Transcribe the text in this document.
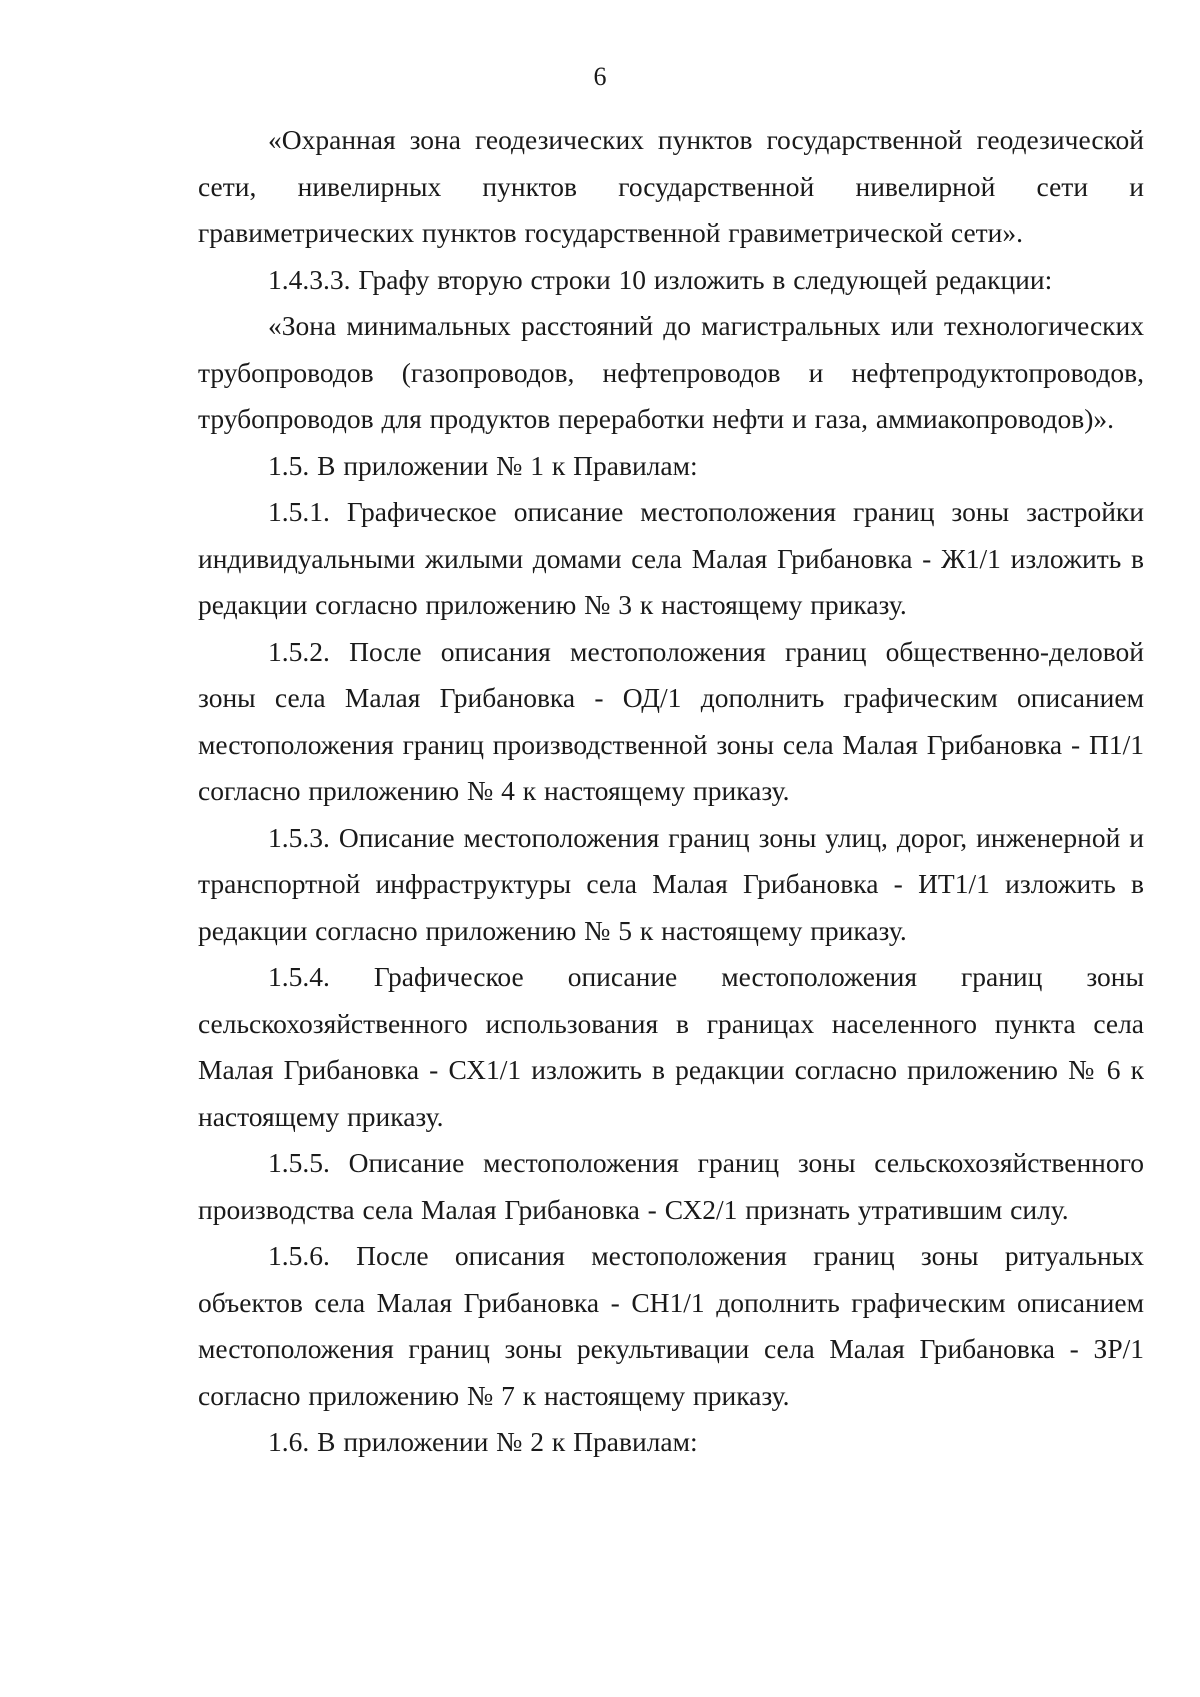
6

«Охранная зона геодезических пунктов государственной геодезической сети, нивелирных пунктов государственной нивелирной сети и гравиметрических пунктов государственной гравиметрической сети».

1.4.3.3. Графу вторую строки 10 изложить в следующей редакции:

«Зона минимальных расстояний до магистральных или технологических трубопроводов (газопроводов, нефтепроводов и нефтепродуктопроводов, трубопроводов для продуктов переработки нефти и газа, аммиакопроводов)».

1.5. В приложении № 1 к Правилам:

1.5.1. Графическое описание местоположения границ зоны застройки индивидуальными жилыми домами села Малая Грибановка - Ж1/1 изложить в редакции согласно приложению № 3 к настоящему приказу.

1.5.2. После описания местоположения границ общественно-деловой зоны села Малая Грибановка - ОД/1 дополнить графическим описанием местоположения границ производственной зоны села Малая Грибановка - П1/1 согласно приложению № 4 к настоящему приказу.

1.5.3. Описание местоположения границ зоны улиц, дорог, инженерной и транспортной инфраструктуры села Малая Грибановка - ИТ1/1 изложить в редакции согласно приложению № 5 к настоящему приказу.

1.5.4. Графическое описание местоположения границ зоны сельскохозяйственного использования в границах населенного пункта села Малая Грибановка - СХ1/1 изложить в редакции согласно приложению № 6 к настоящему приказу.

1.5.5. Описание местоположения границ зоны сельскохозяйственного производства села Малая Грибановка - СХ2/1 признать утратившим силу.

1.5.6. После описания местоположения границ зоны ритуальных объектов села Малая Грибановка - СН1/1 дополнить графическим описанием местоположения границ зоны рекультивации села Малая Грибановка - ЗР/1 согласно приложению № 7 к настоящему приказу.

1.6. В приложении № 2 к Правилам:
